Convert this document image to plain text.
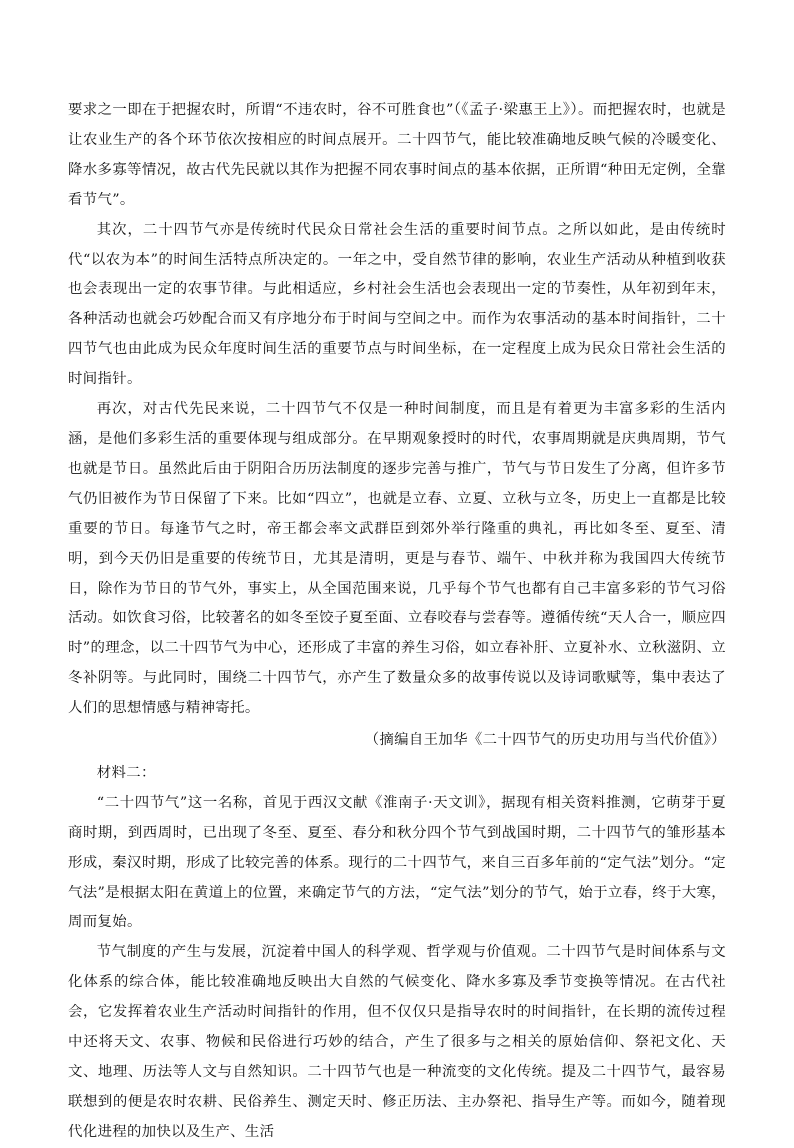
要求之一即在于把握农时，所谓“不违农时，谷不可胜食也”（《孟子·梁惠王上》）。而把握农时，也就是让农业生产的各个环节依次按相应的时间点展开。二十四节气，能比较准确地反映气候的冷暖变化、降水多寡等情况，故古代先民就以其作为把握不同农事时间点的基本依据，正所谓“种田无定例，全靠看节气”。

其次，二十四节气亦是传统时代民众日常社会生活的重要时间节点。之所以如此，是由传统时代“以农为本”的时间生活特点所决定的。一年之中，受自然节律的影响，农业生产活动从种植到收获也会表现出一定的农事节律。与此相适应，乡村社会生活也会表现出一定的节奏性，从年初到年末，各种活动也就会巧妙配合而又有序地分布于时间与空间之中。而作为农事活动的基本时间指针，二十四节气也由此成为民众年度时间生活的重要节点与时间坐标，在一定程度上成为民众日常社会生活的时间指针。

再次，对古代先民来说，二十四节气不仅是一种时间制度，而且是有着更为丰富多彩的生活内涵，是他们多彩生活的重要体现与组成部分。在早期观象授时的时代，农事周期就是庆典周期，节气也就是节日。虽然此后由于阴阳合历历法制度的逐步完善与推广，节气与节日发生了分离，但许多节气仍旧被作为节日保留了下来。比如“四立”，也就是立春、立夏、立秋与立冬，历史上一直都是比较重要的节日。每逢节气之时，帝王都会率文武群臣到郊外举行隆重的典礼，再比如冬至、夏至、清明，到今天仍旧是重要的传统节日，尤其是清明，更是与春节、端午、中秋并称为我国四大传统节日，除作为节日的节气外，事实上，从全国范围来说，几乎每个节气也都有自己丰富多彩的节气习俗活动。如饮食习俗，比较著名的如冬至饺子夏至面、立春咬春与尝春等。遵循传统“天人合一，顺应四时”的理念，以二十四节气为中心，还形成了丰富的养生习俗，如立春补肝、立夏补水、立秋滋阴、立冬补阴等。与此同时，围绕二十四节气，亦产生了数量众多的故事传说以及诗词歌赋等，集中表达了人们的思想情感与精神寄托。

（摘编自王加华《二十四节气的历史功用与当代价值》）

材料二：

“二十四节气”这一名称，首见于西汉文献《淮南子·天文训》，据现有相关资料推测，它萌芽于夏商时期，到西周时，已出现了冬至、夏至、春分和秋分四个节气到战国时期，二十四节气的雏形基本形成，秦汉时期，形成了比较完善的体系。现行的二十四节气，来自三百多年前的“定气法”划分。“定气法”是根据太阳在黄道上的位置，来确定节气的方法，“定气法”划分的节气，始于立春，终于大寒，周而复始。

节气制度的产生与发展，沉淀着中国人的科学观、哲学观与价值观。二十四节气是时间体系与文化体系的综合体，能比较准确地反映出大自然的气候变化、降水多寡及季节变换等情况。在古代社会，它发挥着农业生产活动时间指针的作用，但不仅仅只是指导农时的时间指针，在长期的流传过程中还将天文、农事、物候和民俗进行巧妙的结合，产生了很多与之相关的原始信仰、祭祀文化、天文、地理、历法等人文与自然知识。二十四节气也是一种流变的文化传统。提及二十四节气，最容易联想到的便是农时农耕、民俗养生、测定天时、修正历法、主办祭祀、指导生产等。而如今，随着现代化进程的加快以及生产、生活
